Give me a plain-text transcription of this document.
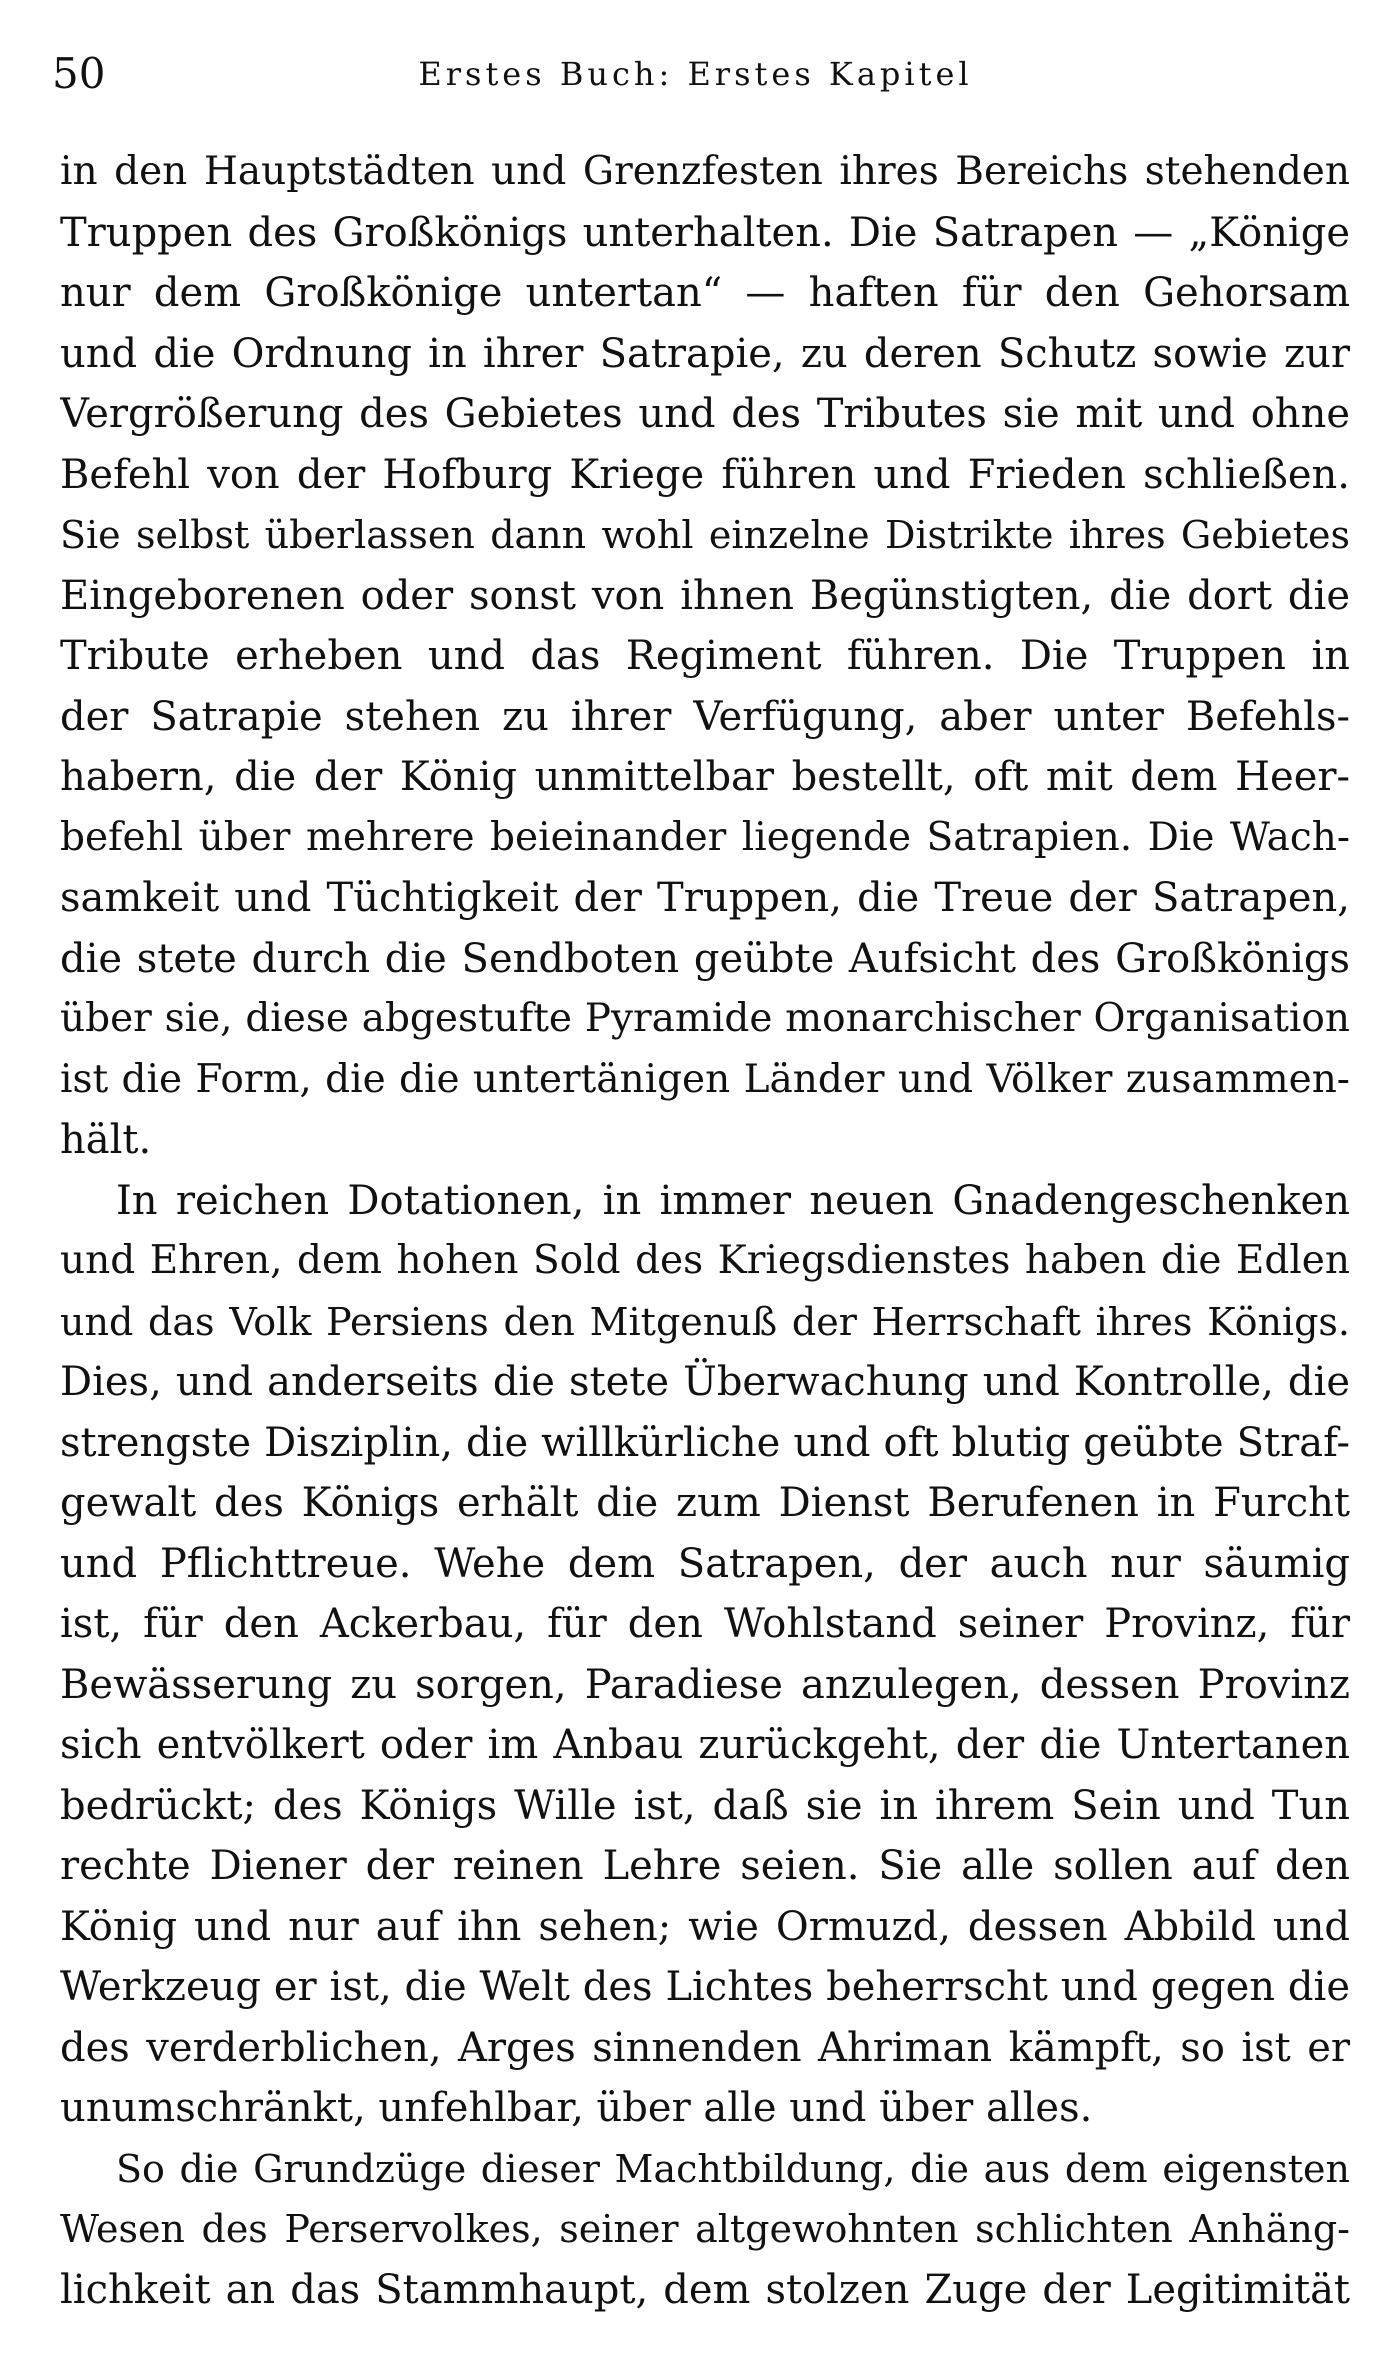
50	Erstes Buch: Erstes Kapitel
in den Hauptstädten und Grenzfesten ihres Bereichs stehenden
Truppen des Großkönigs unterhalten. Die Satrapen — „Könige
nur dem Großkönige untertan“ — haften für den Gehorsam
und die Ordnung in ihrer Satrapie, zu deren Schutz sowie zur
Vergrößerung des Gebietes und des Tributes sie mit und ohne
Befehl von der Hofburg Kriege führen und Frieden schließen.
Sie selbst überlassen dann wohl einzelne Distrikte ihres Gebietes
Eingeborenen oder sonst von ihnen Begünstigten, die dort die
Tribute erheben und das Regiment führen. Die Truppen in
der Satrapie stehen zu ihrer Verfügung, aber unter Befehls-
habern, die der König unmittelbar bestellt, oft mit dem Heer-
befehl über mehrere beieinander liegende Satrapien. Die Wach-
samkeit und Tüchtigkeit der Truppen, die Treue der Satrapen,
die stete durch die Sendboten geübte Aufsicht des Großkönigs
über sie, diese abgestufte Pyramide monarchischer Organisation
ist die Form, die die untertänigen Länder und Völker zusammen-
hält.
In reichen Dotationen, in immer neuen Gnadengeschenken
und Ehren, dem hohen Sold des Kriegsdienstes haben die Edlen
und das Volk Persiens den Mitgenuß der Herrschaft ihres Königs.
Dies, und anderseits die stete Überwachung und Kontrolle, die
strengste Disziplin, die willkürliche und oft blutig geübte Straf-
gewalt des Königs erhält die zum Dienst Berufenen in Furcht
und Pflichttreue. Wehe dem Satrapen, der auch nur säumig
ist, für den Ackerbau, für den Wohlstand seiner Provinz, für
Bewässerung zu sorgen, Paradiese anzulegen, dessen Provinz
sich entvölkert oder im Anbau zurückgeht, der die Untertanen
bedrückt; des Königs Wille ist, daß sie in ihrem Sein und Tun
rechte Diener der reinen Lehre seien. Sie alle sollen auf den
König und nur auf ihn sehen; wie Ormuzd, dessen Abbild und
Werkzeug er ist, die Welt des Lichtes beherrscht und gegen die
des verderblichen, Arges sinnenden Ahriman kämpft, so ist er
unumschränkt, unfehlbar, über alle und über alles.
So die Grundzüge dieser Machtbildung, die aus dem eigensten
Wesen des Perservolkes, seiner altgewohnten schlichten Anhäng-
lichkeit an das Stammhaupt, dem stolzen Zuge der Legitimität
